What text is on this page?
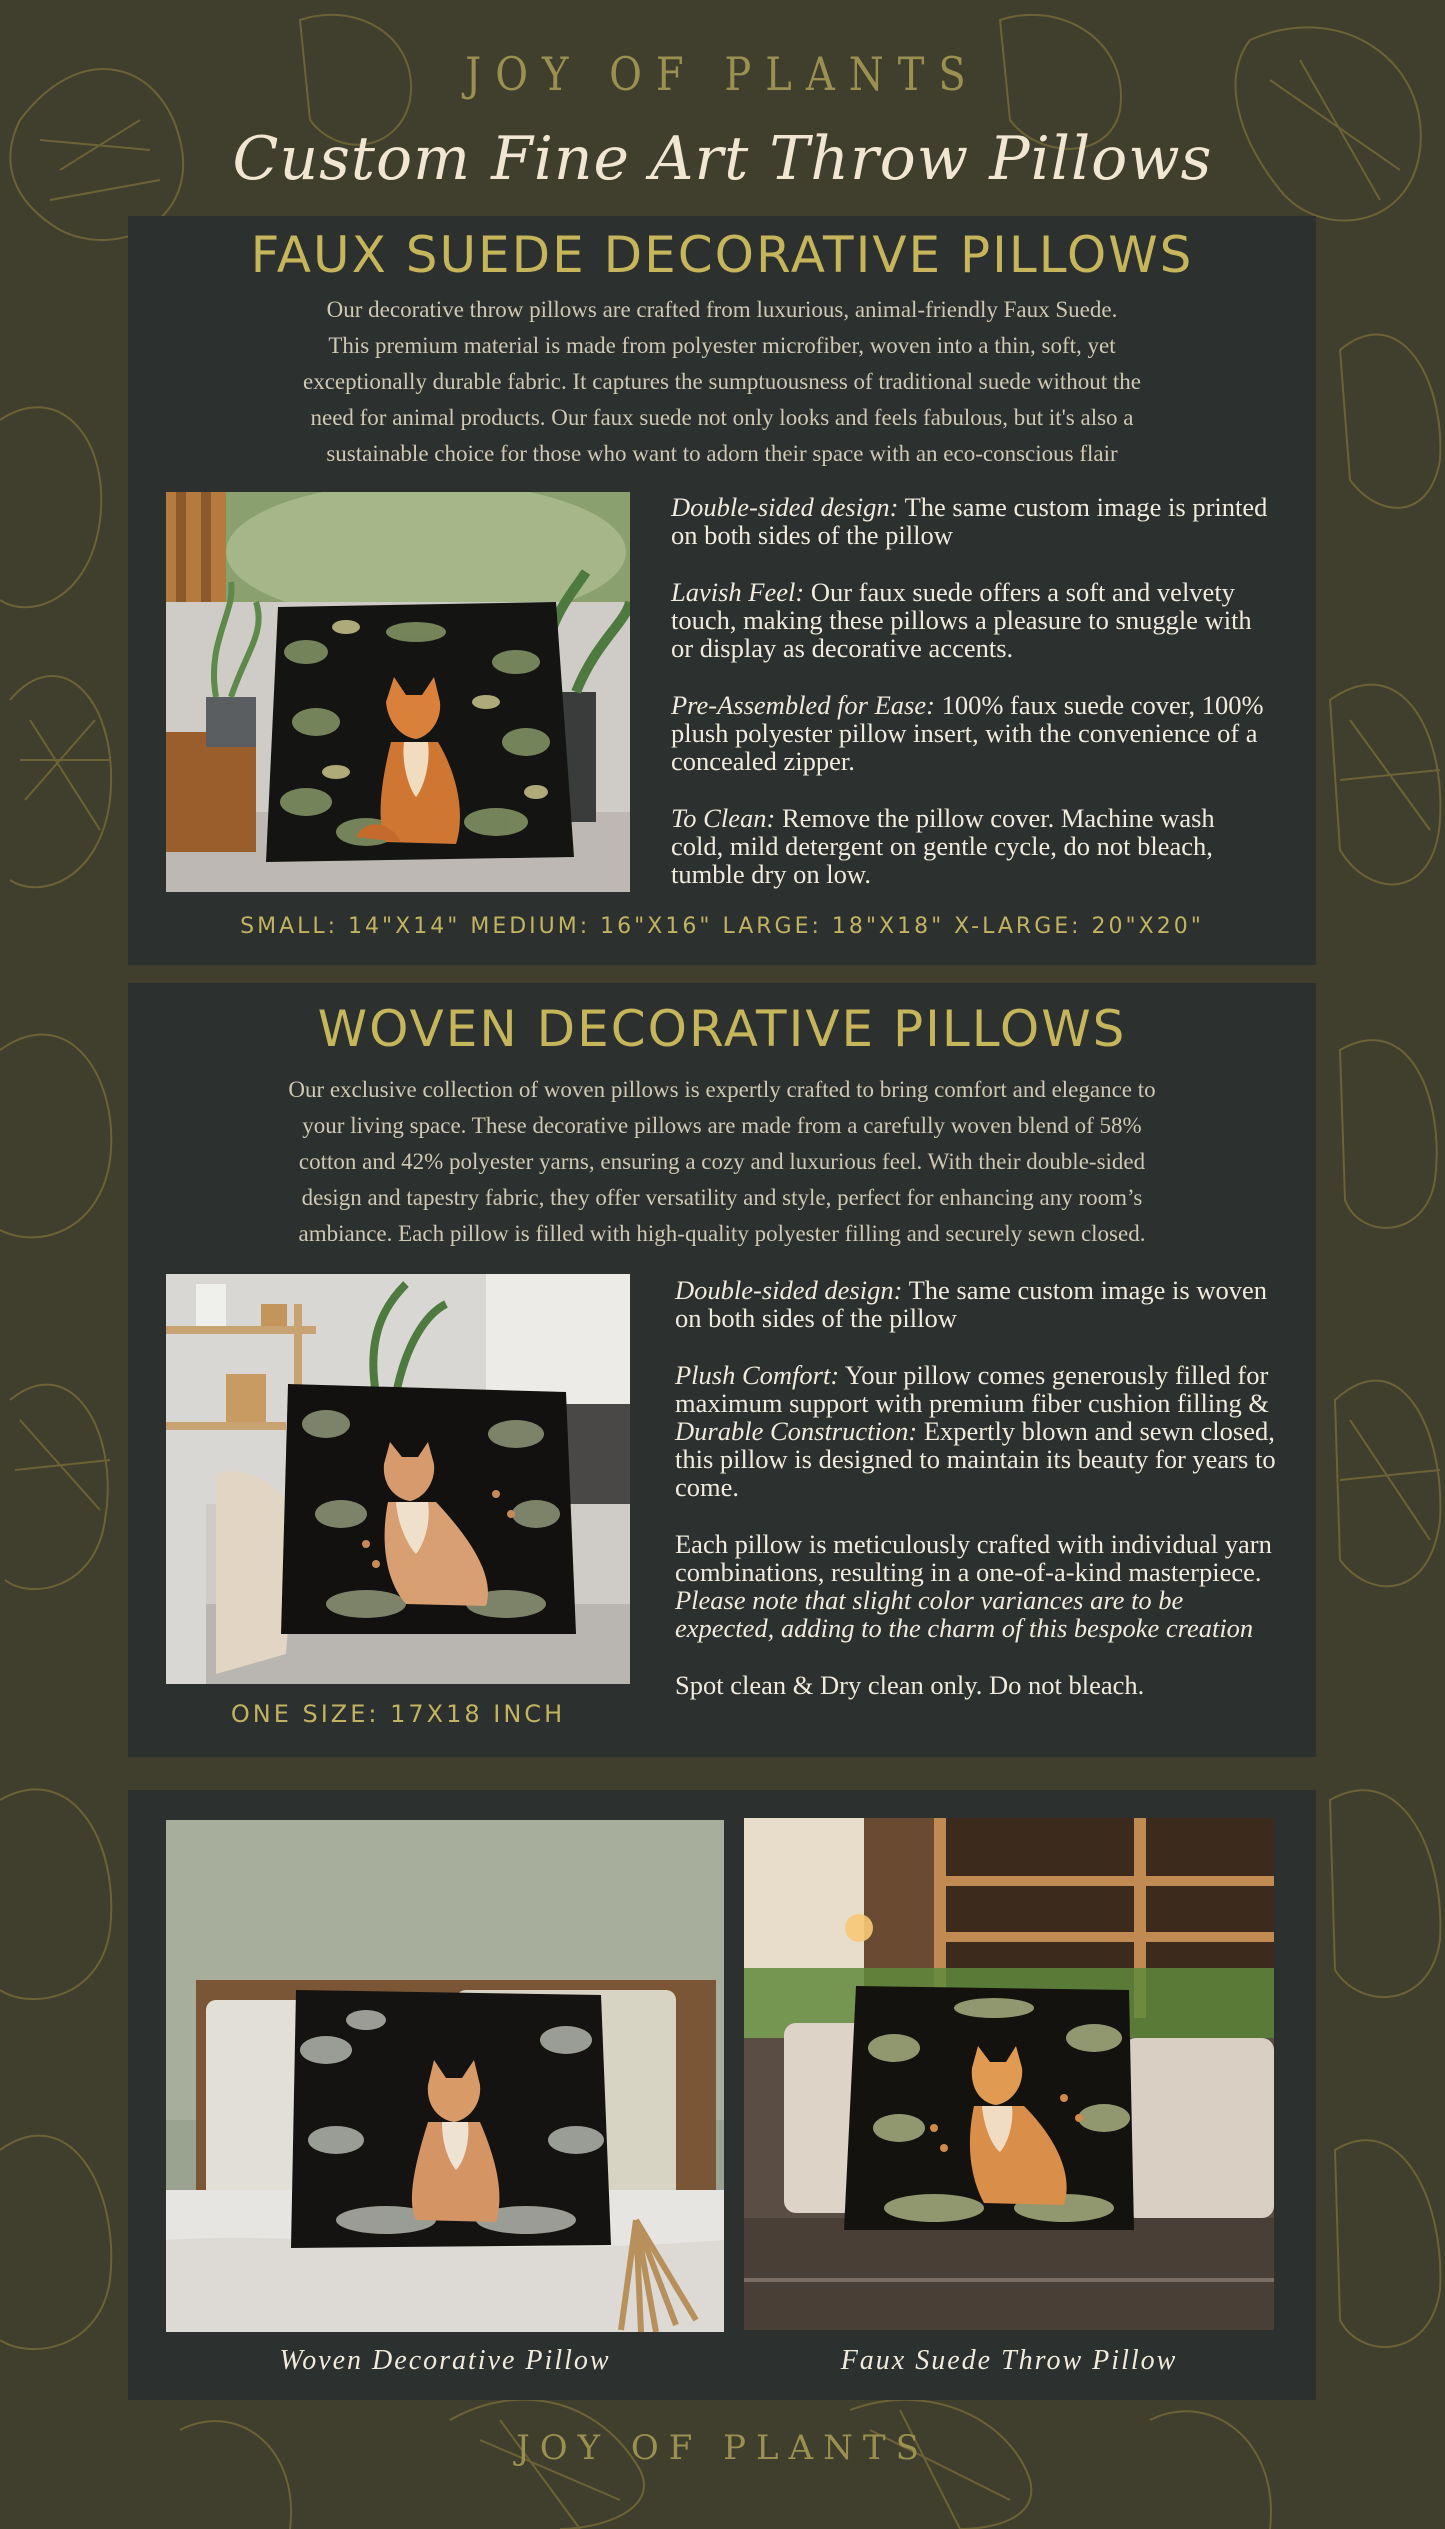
JOY OF PLANTS
Custom Fine Art Throw Pillows
FAUX SUEDE DECORATIVE PILLOWS
Our decorative throw pillows are crafted from luxurious, animal-friendly Faux Suede.
This premium material is made from polyester microfiber, woven into a thin, soft, yet
exceptionally durable fabric. It captures the sumptuousness of traditional suede without the
need for animal products. Our faux suede not only looks and feels fabulous, but it's also a
sustainable choice for those who want to adorn their space with an eco-conscious flair

Double-sided design: The same custom image is printed on both sides of the pillow

Lavish Feel: Our faux suede offers a soft and velvety touch, making these pillows a pleasure to snuggle with or display as decorative accents.

Pre-Assembled for Ease: 100% faux suede cover, 100% plush polyester pillow insert, with the convenience of a concealed zipper.

To Clean: Remove the pillow cover. Machine wash cold, mild detergent on gentle cycle, do not bleach, tumble dry on low.

SMALL: 14"X14" MEDIUM: 16"X16" LARGE: 18"X18" X-LARGE: 20"X20"
WOVEN DECORATIVE PILLOWS
Our exclusive collection of woven pillows is expertly crafted to bring comfort and elegance to
your living space. These decorative pillows are made from a carefully woven blend of 58%
cotton and 42% polyester yarns, ensuring a cozy and luxurious feel. With their double-sided
design and tapestry fabric, they offer versatility and style, perfect for enhancing any room’s
ambiance. Each pillow is filled with high-quality polyester filling and securely sewn closed.

Double-sided design: The same custom image is woven on both sides of the pillow

Plush Comfort: Your pillow comes generously filled for maximum support with premium fiber cushion filling & Durable Construction: Expertly blown and sewn closed, this pillow is designed to maintain its beauty for years to come.

Each pillow is meticulously crafted with individual yarn combinations, resulting in a one-of-a-kind masterpiece. Please note that slight color variances are to be expected, adding to the charm of this bespoke creation

Spot clean & Dry clean only. Do not bleach.

ONE SIZE: 17X18 INCH
Woven Decorative Pillow	Faux Suede Throw Pillow
JOY OF PLANTS
